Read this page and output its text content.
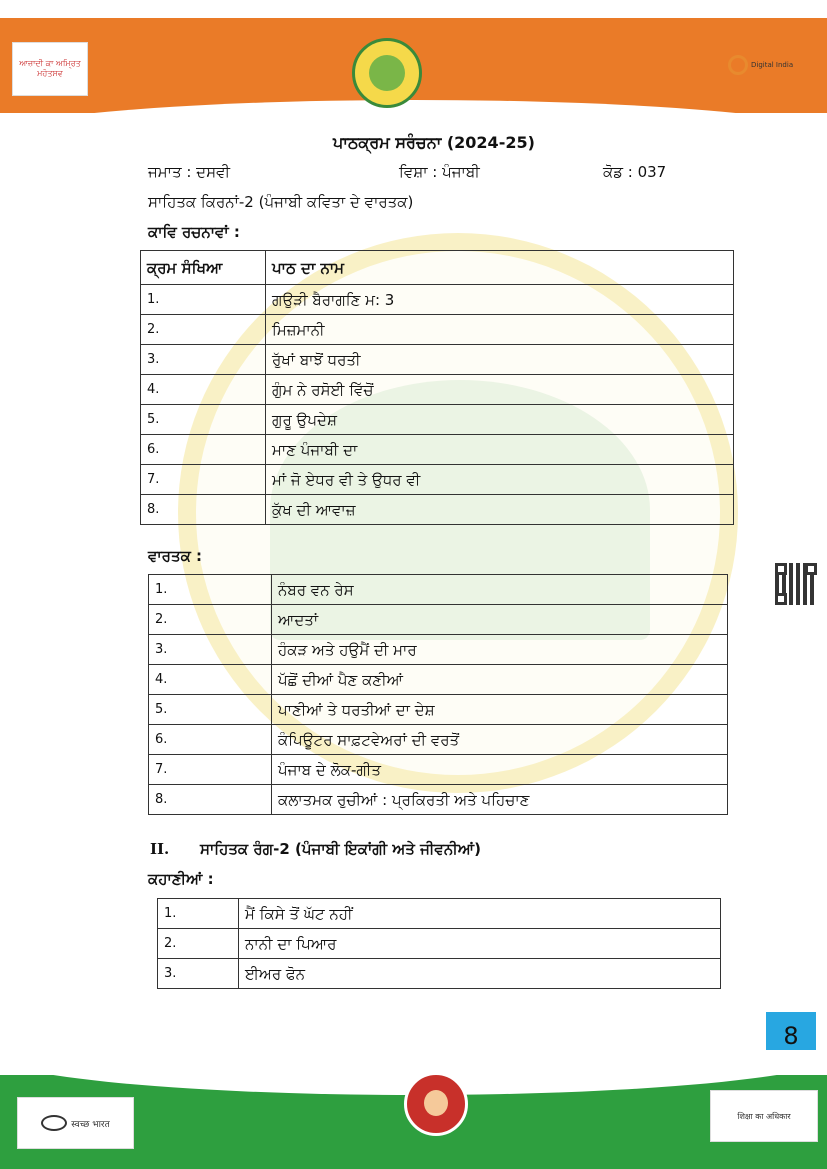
ਆਜ਼ਾਦੀ ਕਾ ਅਮ੍ਰਿਤ ਮਹੋਤਸਵ
Digital India
ਪਾਠਕ੍ਰਮ ਸਰੰਚਨਾ (2024-25)
ਜਮਾਤ : ਦਸਵੀ	ਵਿਸ਼ਾ : ਪੰਜਾਬੀ	ਕੋਡ : 037
ਸਾਹਿਤਕ ਕਿਰਨਾਂ-2 (ਪੰਜਾਬੀ ਕਵਿਤਾ ਦੇ ਵਾਰਤਕ)
ਕਾਵਿ ਰਚਨਾਵਾਂ :
ਕ੍ਰਮ ਸੰਖਿਆ	ਪਾਠ ਦਾ ਨਾਮ
1.	ਗਉੜੀ ਬੈਰਾਗਣਿ ਮ: 3
2.	ਮਿਜ਼ਮਾਨੀ
3.	ਰੁੱਖਾਂ ਬਾਝੋਂ ਧਰਤੀ
4.	ਗੁੰਮ ਨੇ ਰਸੋਈ ਵਿੱਚੋਂ
5.	ਗੁਰੂ ਉਪਦੇਸ਼
6.	ਮਾਣ ਪੰਜਾਬੀ ਦਾ
7.	ਮਾਂ ਜੋ ਏਧਰ ਵੀ ਤੇ ਉਧਰ ਵੀ
8.	ਕੁੱਖ ਦੀ ਆਵਾਜ਼
ਵਾਰਤਕ :
1.	ਨੰਬਰ ਵਨ ਰੇਸ
2.	ਆਦਤਾਂ
3.	ਹੰਕੜ ਅਤੇ ਹਉਮੈਂ ਦੀ ਮਾਰ
4.	ਪੱਛੋਂ ਦੀਆਂ ਪੈਣ ਕਣੀਆਂ
5.	ਪਾਣੀਆਂ ਤੇ ਧਰਤੀਆਂ ਦਾ ਦੇਸ਼
6.	ਕੰਪਿਊਟਰ ਸਾਫ਼ਟਵੇਅਰਾਂ ਦੀ ਵਰਤੋਂ
7.	ਪੰਜਾਬ ਦੇ ਲੋਕ-ਗੀਤ
8.	ਕਲਾਤਮਕ ਰੁਚੀਆਂ : ਪ੍ਰਕਿਰਤੀ ਅਤੇ ਪਹਿਚਾਣ
II. ਸਾਹਿਤਕ ਰੰਗ-2 (ਪੰਜਾਬੀ ਇਕਾਂਗੀ ਅਤੇ ਜੀਵਨੀਆਂ)
ਕਹਾਣੀਆਂ :
1.	ਮੈਂ ਕਿਸੇ ਤੋਂ ਘੱਟ ਨਹੀਂ
2.	ਨਾਨੀ ਦਾ ਪਿਆਰ
3.	ਈਅਰ ਫੋਨ
8
स्वच्छ भारत
शिक्षा का अधिकार
